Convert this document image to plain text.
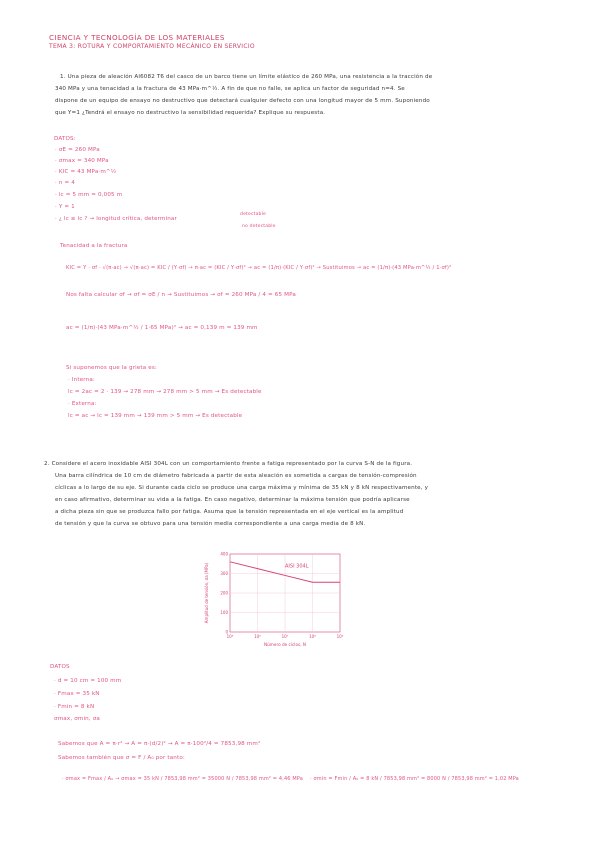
CIENCIA Y TECNOLOGÍA DE LOS MATERIALES
TEMA 3: ROTURA Y COMPORTAMIENTO MECÁNICO EN SERVICIO
1. Una pieza de aleación Al6082 T6 del casco de un barco tiene un límite elástico de 260 MPa, una resistencia a la tracción de
340 MPa y una tenacidad a la fractura de 43 MPa·m^½. A fin de que no falle, se aplica un factor de seguridad n=4. Se
dispone de un equipo de ensayo no destructivo que detectará cualquier defecto con una longitud mayor de 5 mm. Suponiendo
que Y=1 ¿Tendrá el ensayo no destructivo la sensibilidad requerida? Explique su respuesta.
DATOS:
· σE = 260 MPa
· σmax = 340 MPa
· KIC = 43 MPa·m^½
· n = 4
· lc = 5 mm = 0,005 m
· Y = 1
· ¿ lc ≤ lc ? → longitud crítica, determinar
detectable
no detectable
Tenacidad a la fractura
KIC = Y · σf · √(π·ac) → √(π·ac) = KIC / (Y·σf) → π·ac = (KIC / Y·σf)² → ac = (1/π)·(KIC / Y·σf)² → Sustituimos → ac = (1/π)·(43 MPa·m^½ / 1·σf)²
Nos falta calcular σf → σf = σE / n → Sustituimos → σf = 260 MPa / 4 = 65 MPa
ac = (1/π)·(43 MPa·m^½ / 1·65 MPa)² → ac = 0,139 m = 139 mm
Si suponemos que la grieta es:
· Interna:
lc = 2ac = 2 · 139 → 278 mm → 278 mm > 5 mm → Es detectable
· Externa:
lc = ac → lc = 139 mm → 139 mm > 5 mm → Es detectable
2. Considere el acero inoxidable AISI 304L con un comportamiento frente a fatiga representado por la curva S-N de la figura.
Una barra cilíndrica de 10 cm de diámetro fabricada a partir de esta aleación es sometida a cargas de tensión-compresión
cíclicas a lo largo de su eje. Si durante cada ciclo se produce una carga máxima y mínima de 35 kN y 8 kN respectivamente, y
en caso afirmativo, determinar su vida a la fatiga. En caso negativo, determinar la máxima tensión que podría aplicarse
a dicha pieza sin que se produzca fallo por fatiga. Asuma que la tensión representada en el eje vertical es la amplitud
de tensión y que la curva se obtuvo para una tensión media correspondiente a una carga media de 8 kN.
10⁵	10⁶	10⁷	10⁸	10⁹
0
100
200
300
400
AISI 304L
Número de ciclos, N
Amplitud de tensión, σa (MPa)
DATOS
· d = 10 cm = 100 mm
· Fmax = 35 kN
· Fmin = 8 kN
σmax, σmin, σa
Sabemos que A = π·r² → A = π·(d/2)² → A = π·100²/4 = 7853,98 mm²
Sabemos también que σ = F / A₀ por tanto:
· σmax = Fmax / A₀ → σmax = 35 kN / 7853,98 mm² = 35000 N / 7853,98 mm² = 4,46 MPa · σmin = Fmin / A₀ = 8 kN / 7853,98 mm² = 8000 N / 7853,98 mm² = 1,02 MPa
